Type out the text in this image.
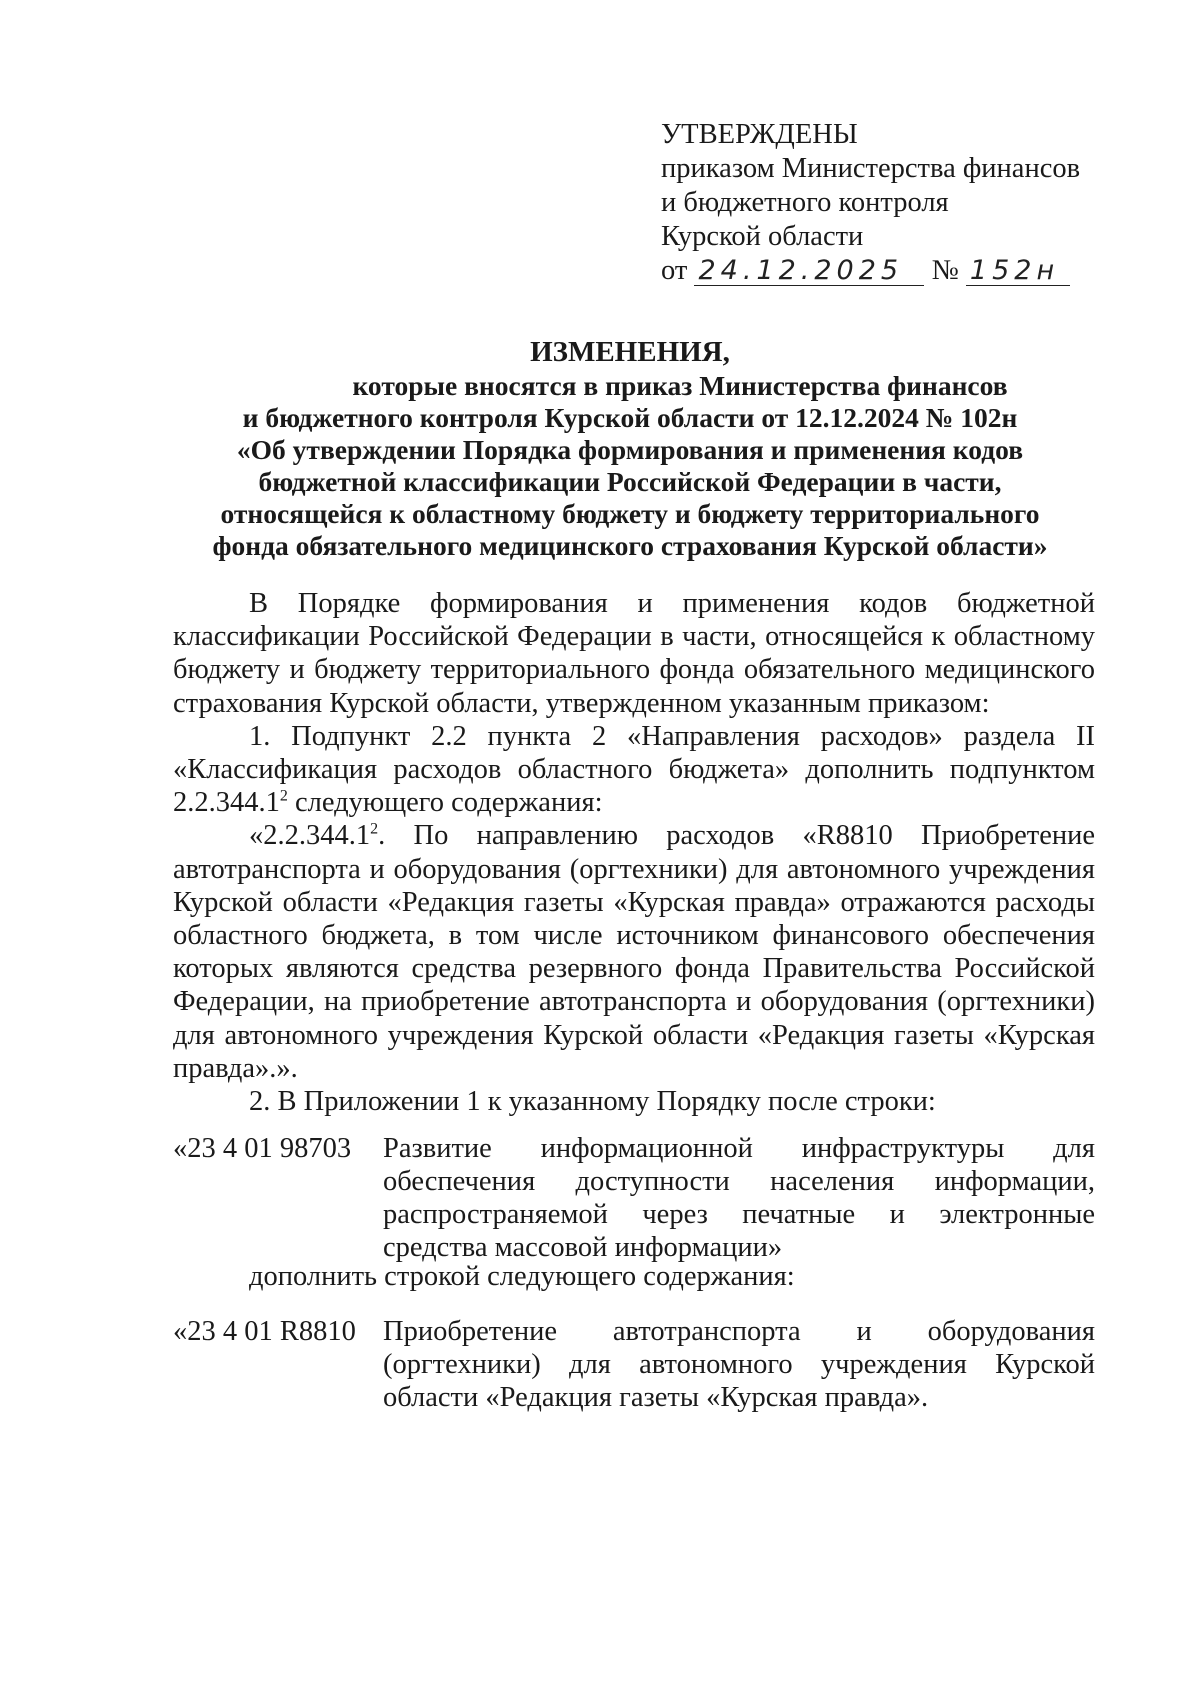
УТВЕРЖДЕНЫ
приказом Министерства финансов
и бюджетного контроля
Курской области
от 24.12.2025 № 152н
ИЗМЕНЕНИЯ,
которые вносятся в приказ Министерства финансов
и бюджетного контроля Курской области от 12.12.2024 № 102н
«Об утверждении Порядка формирования и применения кодов
бюджетной классификации Российской Федерации в части,
относящейся к областному бюджету и бюджету территориального
фонда обязательного медицинского страхования Курской области»

В Порядке формирования и применения кодов бюджетной классификации Российской Федерации в части, относящейся к областному бюджету и бюджету территориального фонда обязательного медицинского страхования Курской области, утвержденном указанным приказом:

1. Подпункт 2.2 пункта 2 «Направления расходов» раздела II «Классификация расходов областного бюджета» дополнить подпунктом 2.2.344.1$^2$ следующего содержания:

«2.2.344.1$^2$. По направлению расходов «R8810 Приобретение автотранспорта и оборудования (оргтехники) для автономного учреждения Курской области «Редакция газеты «Курская правда» отражаются расходы областного бюджета, в том числе источником финансового обеспечения которых являются средства резервного фонда Правительства Российской Федерации, на приобретение автотранспорта и оборудования (оргтехники) для автономного учреждения Курской области «Редакция газеты «Курская правда».».

2. В Приложении 1 к указанному Порядку после строки:

«23 4 01 98703	Развитие информационной инфраструктуры для обеспечения доступности населения информации, распространяемой через печатные и электронные средства массовой информации»
дополнить строкой следующего содержания:
«23 4 01 R8810 Приобретение автотранспорта и оборудования (оргтехники) для автономного учреждения Курской области «Редакция газеты «Курская правда».
